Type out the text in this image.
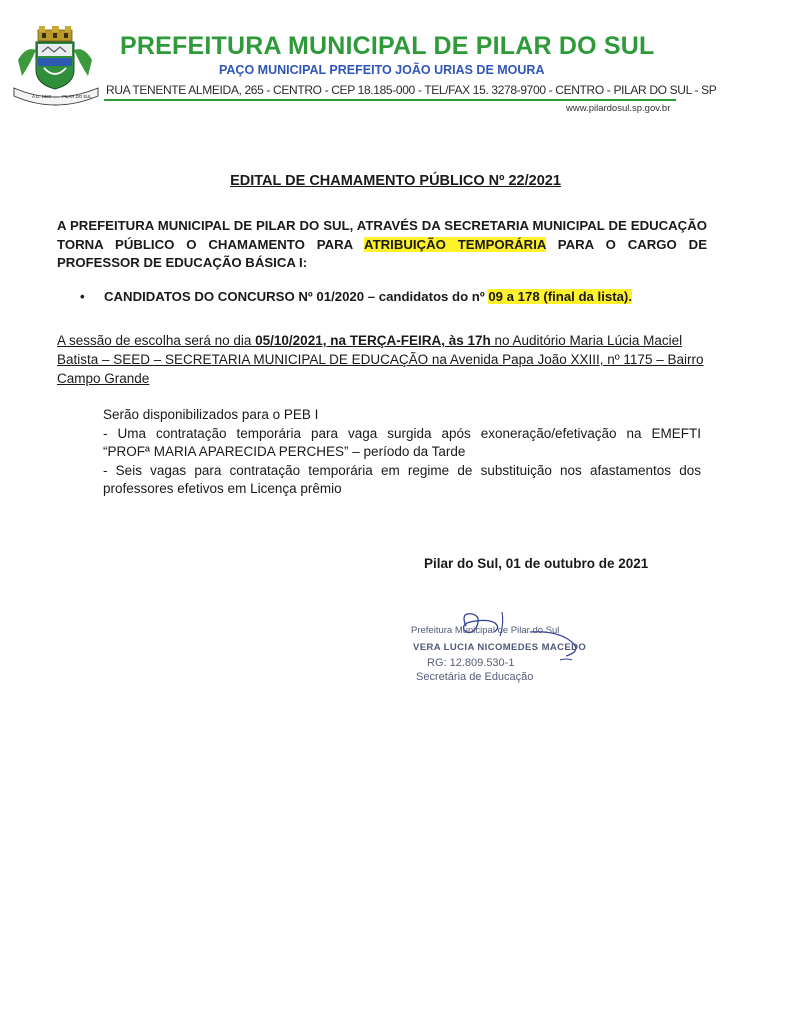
A.D. 1823	PILAR DO SUL
PREFEITURA MUNICIPAL DE PILAR DO SUL
PAÇO MUNICIPAL PREFEITO JOÃO URIAS DE MOURA
RUA TENENTE ALMEIDA, 265 - CENTRO - CEP 18.185-000 - TEL/FAX 15. 3278-9700 - CENTRO - PILAR DO SUL - SP
www.pilardosul.sp.gov.br
EDITAL DE CHAMAMENTO PÚBLICO Nº 22/2021
A PREFEITURA MUNICIPAL DE PILAR DO SUL, ATRAVÉS DA SECRETARIA MUNICIPAL DE EDUCAÇÃO TORNA PÚBLICO O CHAMAMENTO PARA ATRIBUIÇÃO TEMPORÁRIA PARA O CARGO DE PROFESSOR DE EDUCAÇÃO BÁSICA I:
• CANDIDATOS DO CONCURSO Nº 01/2020 – candidatos do nº 09 a 178 (final da lista).
A sessão de escolha será no dia 05/10/2021, na TERÇA-FEIRA, às 17h no Auditório Maria Lúcia Maciel Batista – SEED – SECRETARIA MUNICIPAL DE EDUCAÇÃO na Avenida Papa João XXIII, nº 1175 – Bairro Campo Grande
Serão disponibilizados para o PEB I
- Uma contratação temporária para vaga surgida após exoneração/efetivação na EMEFTI
“PROFª MARIA APARECIDA PERCHES” – período da Tarde
- Seis vagas para contratação temporária em regime de substituição nos afastamentos dos professores efetivos em Licença prêmio
Pilar do Sul, 01 de outubro de 2021
Prefeitura Municipal de Pilar do Sul
VERA LUCIA NICOMEDES MACEDO
RG: 12.809.530-1
Secretária de Educação
